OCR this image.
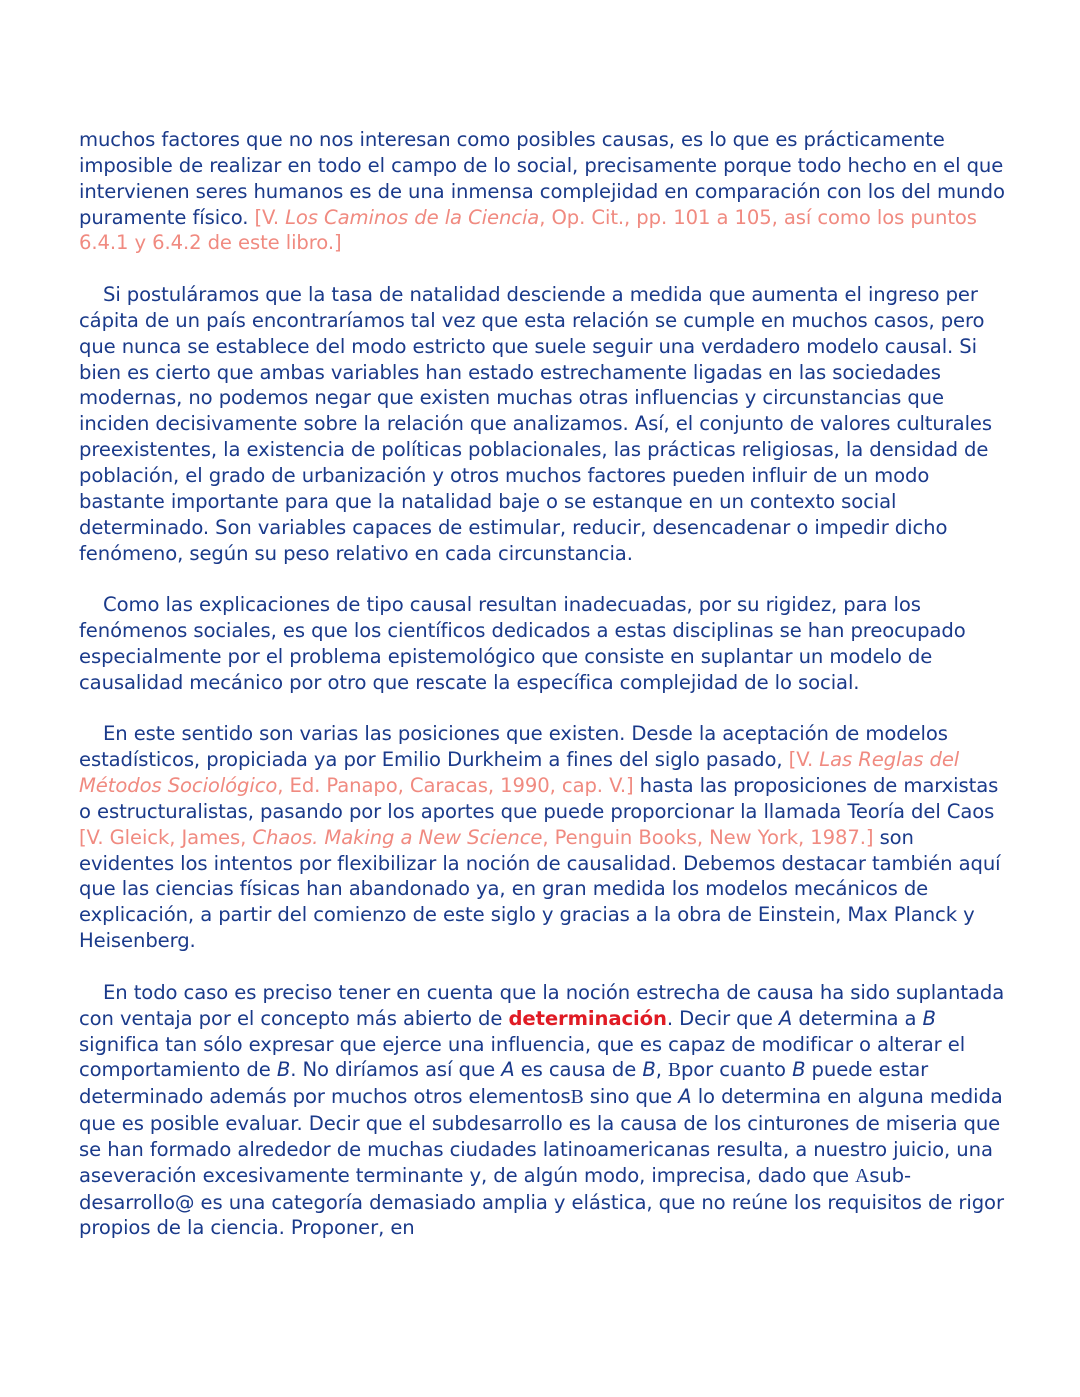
muchos factores que no nos interesan como posibles causas, es lo que es prácticamente imposible de realizar en todo el campo de lo social, precisamente porque todo hecho en el que intervienen seres humanos es de una inmensa complejidad en comparación con los del mundo puramente físico. [V. Los Caminos de la Ciencia, Op. Cit., pp. 101 a 105, así como los puntos 6.4.1 y 6.4.2 de este libro.]

Si postuláramos que la tasa de natalidad desciende a medida que aumenta el ingreso per cápita de un país encontraríamos tal vez que esta relación se cumple en muchos casos, pero que nunca se establece del modo estricto que suele seguir una verdadero modelo causal. Si bien es cierto que ambas variables han estado estrechamente ligadas en las sociedades modernas, no podemos negar que existen muchas otras influencias y circunstancias que inciden decisivamente sobre la relación que analizamos. Así, el conjunto de valores culturales preexistentes, la existencia de políticas poblacionales, las prácticas religiosas, la densidad de población, el grado de urbanización y otros muchos factores pueden influir de un modo bastante importante para que la natalidad baje o se estanque en un contexto social determinado. Son variables capaces de estimular, reducir, desencadenar o impedir dicho fenómeno, según su peso relativo en cada circunstancia.

Como las explicaciones de tipo causal resultan inadecuadas, por su rigidez, para los fenómenos sociales, es que los científicos dedicados a estas disciplinas se han preocupado especialmente por el problema epistemológico que consiste en suplantar un modelo de causalidad mecánico por otro que rescate la específica complejidad de lo social.

En este sentido son varias las posiciones que existen. Desde la aceptación de modelos estadísticos, propiciada ya por Emilio Durkheim a fines del siglo pasado, [V. Las Reglas del Métodos Sociológico, Ed. Panapo, Caracas, 1990, cap. V.] hasta las proposiciones de marxistas o estructuralistas, pasando por los aportes que puede proporcionar la llamada Teoría del Caos [V. Gleick, James, Chaos. Making a New Science, Penguin Books, New York, 1987.] son evidentes los intentos por flexibilizar la noción de causalidad. Debemos destacar también aquí que las ciencias físicas han abandonado ya, en gran medida los modelos mecánicos de explicación, a partir del comienzo de este siglo y gracias a la obra de Einstein, Max Planck y Heisenberg.

En todo caso es preciso tener en cuenta que la noción estrecha de causa ha sido suplantada con ventaja por el concepto más abierto de determinación. Decir que A determina a B significa tan sólo expresar que ejerce una influencia, que es capaz de modificar o alterar el comportamiento de B. No diríamos así que A es causa de B, Bpor cuanto B puede estar determinado además por muchos otros elementosB sino que A lo determina en alguna medida que es posible evaluar. Decir que el subdesarrollo es la causa de los cinturones de miseria que se han formado alrededor de muchas ciudades latinoamericanas resulta, a nuestro juicio, una aseveración excesivamente terminante y, de algún modo, imprecisa, dado que Asub-desarrollo@ es una categoría demasiado amplia y elástica, que no reúne los requisitos de rigor propios de la ciencia. Proponer, en
